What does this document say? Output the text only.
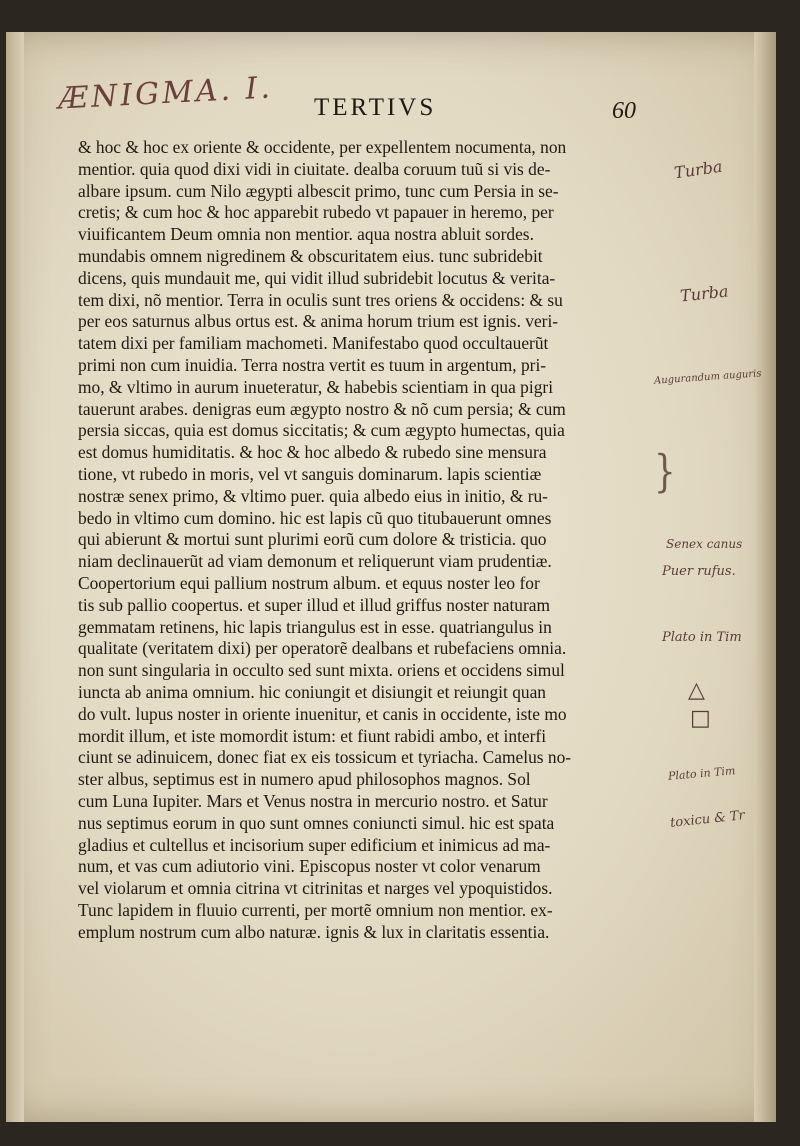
ÆNIGMA. I. TERTIVS	60
& hoc & hoc ex oriente & occidente, per expellentem nocumenta, non
mentior. quia quod dixi vidi in ciuitate. dealba coruum tuũ si vis de-
albare ipsum. cum Nilo ægypti albescit primo, tunc cum Persia in se-
cretis; & cum hoc & hoc apparebit rubedo vt papauer in heremo, per
viuificantem Deum omnia non mentior. aqua nostra abluit sordes.
mundabis omnem nigredinem & obscuritatem eius. tunc subridebit
dicens, quis mundauit me, qui vidit illud subridebit locutus & verita-
tem dixi, nõ mentior. Terra in oculis sunt tres oriens & occidens: & su
per eos saturnus albus ortus est. & anima horum trium est ignis. veri-
tatem dixi per familiam machometi. Manifestabo quod occultauerũt
primi non cum inuidia. Terra nostra vertit es tuum in argentum, pri-
mo, & vltimo in aurum inueteratur, & habebis scientiam in qua pigri
tauerunt arabes. denigras eum ægypto nostro & nõ cum persia; & cum
persia siccas, quia est domus siccitatis; & cum ægypto humectas, quia
est domus humiditatis. & hoc & hoc albedo & rubedo sine mensura
tione, vt rubedo in moris, vel vt sanguis dominarum. lapis scientiæ
nostræ senex primo, & vltimo puer. quia albedo eius in initio, & ru-
bedo in vltimo cum domino. hic est lapis cũ quo titubauerunt omnes
qui abierunt & mortui sunt plurimi eorũ cum dolore & tristicia. quo
niam declinauerũt ad viam demonum et reliquerunt viam prudentiæ.
Coopertorium equi pallium nostrum album. et equus noster leo for
tis sub pallio coopertus. et super illud et illud griffus noster naturam
gemmatam retinens, hic lapis triangulus est in esse. quatriangulus in
qualitate (veritatem dixi) per operatorẽ dealbans et rubefaciens omnia.
non sunt singularia in occulto sed sunt mixta. oriens et occidens simul
iuncta ab anima omnium. hic coniungit et disiungit et reiungit quan
do vult. lupus noster in oriente inuenitur, et canis in occidente, iste mo
mordit illum, et iste momordit istum: et fiunt rabidi ambo, et interfi
ciunt se adinuicem, donec fiat ex eis tossicum et tyriacha. Camelus no-
ster albus, septimus est in numero apud philosophos magnos. Sol
cum Luna Iupiter. Mars et Venus nostra in mercurio nostro. et Satur
nus septimus eorum in quo sunt omnes coniuncti simul. hic est spata
gladius et cultellus et incisorium super edificium et inimicus ad ma-
num, et vas cum adiutorio vini. Episcopus noster vt color venarum
vel violarum et omnia citrina vt citrinitas et narges vel ypoquistidos.
Tunc lapidem in fluuio currenti, per mortẽ omnium non mentior. ex-
emplum nostrum cum albo naturæ. ignis & lux in claritatis essentia.
Turba
Turba
Augurandum auguris
Senex canus
Puer rufus.
Plato in Tim
Plato in Tim
toxicu & Tr
△
□
}
